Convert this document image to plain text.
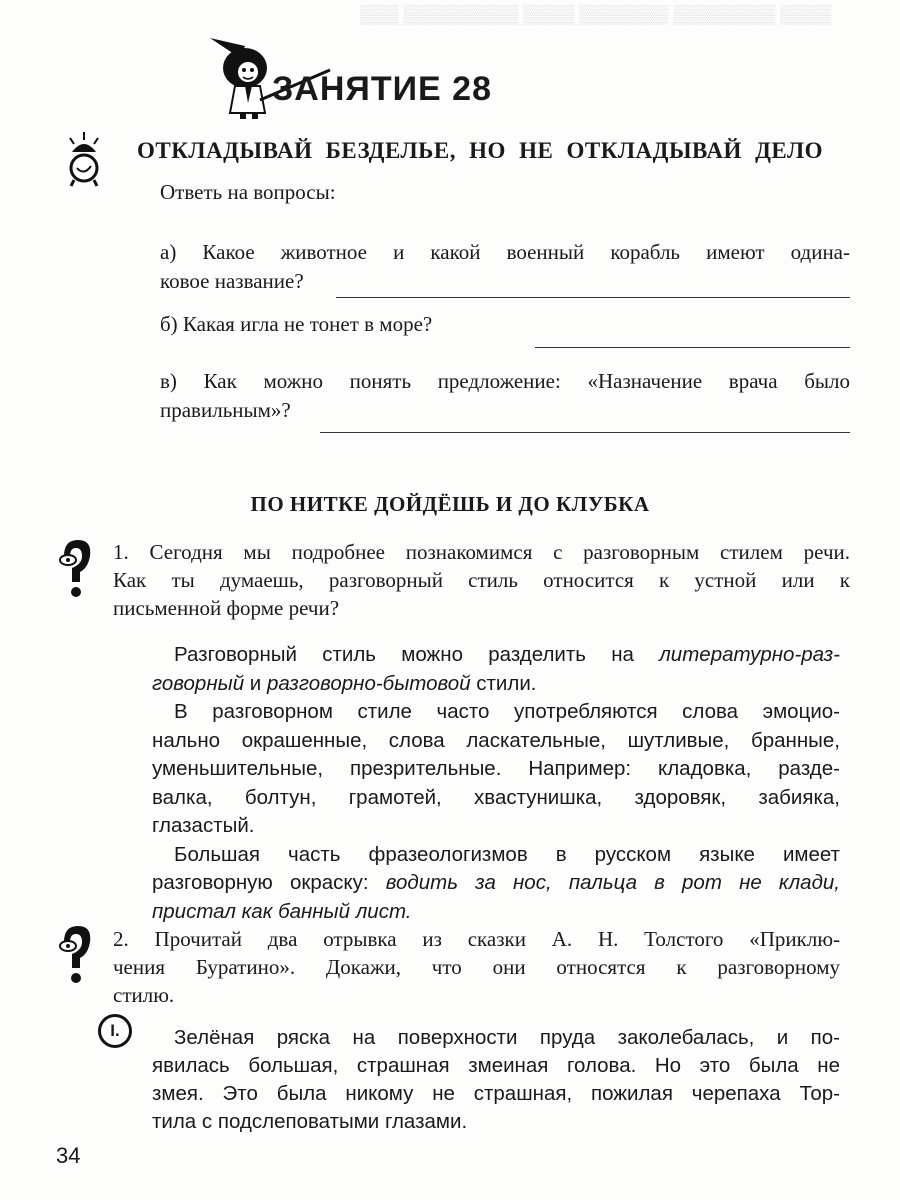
▒▒▒ ▒▒▒▒▒▒▒▒▒ ▒▒▒▒ ▒▒▒▒▒▒▒ ▒▒▒▒▒▒▒▒ ▒▒▒▒
ЗАНЯТИЕ 28
ОТКЛАДЫВАЙ БЕЗДЕЛЬЕ, НО НЕ ОТКЛАДЫВАЙ ДЕЛО
Ответь на вопросы:
а) Какое животное и какой военный корабль имеют одина-
ковое название?
б) Какая игла не тонет в море?
в) Как можно понять предложение: «Назначение врача было
правильным»?
ПО НИТКЕ ДОЙДЁШЬ И ДО КЛУБКА
1. Сегодня мы подробнее познакомимся с разговорным стилем речи.
Как ты думаешь, разговорный стиль относится к устной или к
письменной форме речи?
Разговорный стиль можно разделить на литературно-раз-
говорный и разговорно-бытовой стили.
В разговорном стиле часто употребляются слова эмоцио-
нально окрашенные, слова ласкательные, шутливые, бранные,
уменьшительные, презрительные. Например: кладовка, разде-
валка, болтун, грамотей, хвастунишка, здоровяк, забияка,
глазастый.
Большая часть фразеологизмов в русском языке имеет
разговорную окраску: водить за нос, пальца в рот не клади,
пристал как банный лист.
2. Прочитай два отрывка из сказки А. Н. Толстого «Приклю-
чения Буратино». Докажи, что они относятся к разговорному
стилю.
I.	Зелёная ряска на поверхности пруда заколебалась, и по-
явилась большая, страшная змеиная голова. Но это была не
змея. Это была никому не страшная, пожилая черепаха Тор-
тила с подслеповатыми глазами.
34
